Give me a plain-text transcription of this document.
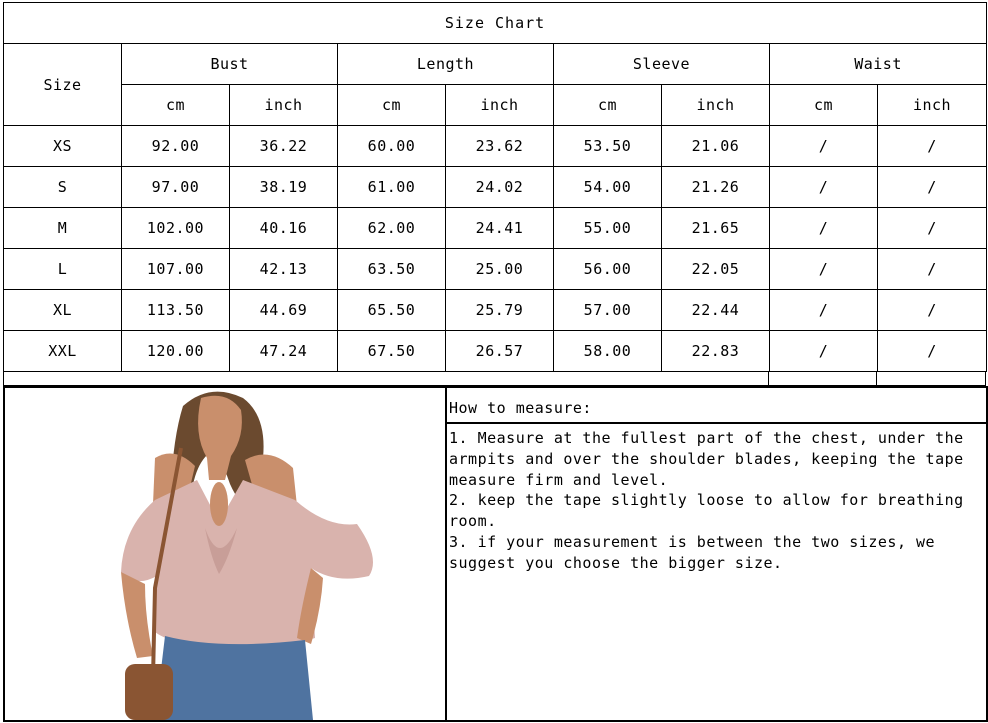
Size Chart								
Size	Bust		Length		Sleeve		Waist	
	cm	inch	cm	inch	cm	inch	cm	inch
XS	92.00	36.22	60.00	23.62	53.50	21.06	/	/
S	97.00	38.19	61.00	24.02	54.00	21.26	/	/
M	102.00	40.16	62.00	24.41	55.00	21.65	/	/
L	107.00	42.13	63.50	25.00	56.00	22.05	/	/
XL	113.50	44.69	65.50	25.79	57.00	22.44	/	/
XXL	120.00	47.24	67.50	26.57	58.00	22.83	/	/
How to measure:

1. Measure at the fullest part of the chest, under the armpits and over the shoulder blades, keeping the tape measure firm and level.

2. keep the tape slightly loose to allow for breathing room.

3. if your measurement is between the two sizes, we suggest you choose the bigger size.
